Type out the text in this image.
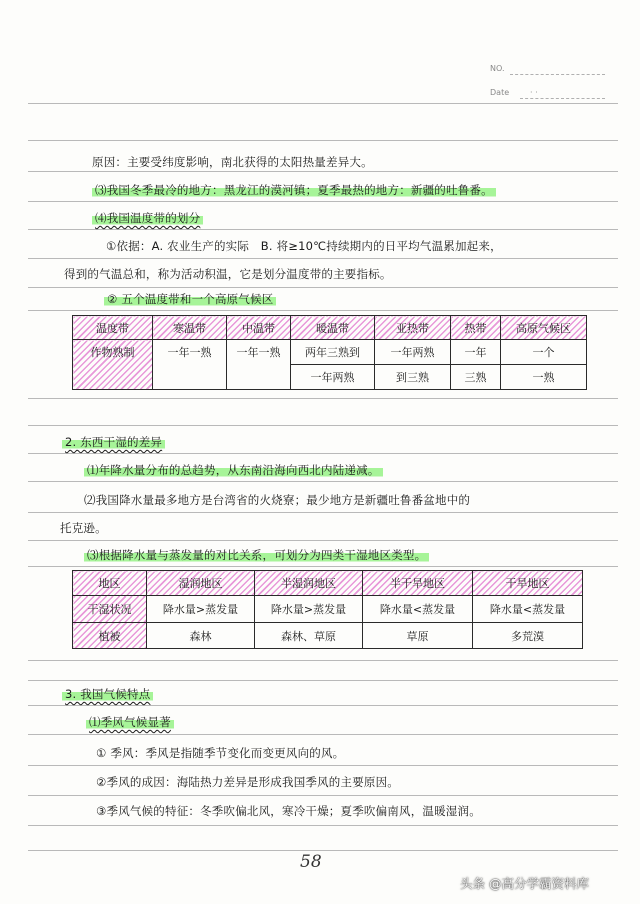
NO.
Date	· ·
原因：主要受纬度影响，南北获得的太阳热量差异大。
⑶我国冬季最冷的地方：黑龙江的漠河镇；夏季最热的地方：新疆的吐鲁番。
⑷我国温度带的划分
①依据：A. 农业生产的实际　B. 将≥10℃持续期内的日平均气温累加起来，
得到的气温总和，称为活动积温，它是划分温度带的主要指标。
② 五个温度带和一个高原气候区
温度带	寒温带	中温带	暖温带	亚热带	热带	高原气候区
作物熟制	一年一熟	一年一熟	两年三熟到	一年两熟	一年	一个
			一年两熟	到三熟	三熟	一熟
2. 东西干湿的差异
⑴年降水量分布的总趋势，从东南沿海向西北内陆递减。
⑵我国降水量最多地方是台湾省的火烧寮；最少地方是新疆吐鲁番盆地中的
托克逊。
⑶根据降水量与蒸发量的对比关系，可划分为四类干湿地区类型。
地区	湿润地区	半湿润地区	半干旱地区	干旱地区
干湿状况	降水量>蒸发量	降水量>蒸发量	降水量<蒸发量	降水量<蒸发量
植被	森林	森林、草原	草原	多荒漠
3. 我国气候特点
⑴季风气候显著
① 季风：季风是指随季节变化而变更风向的风。
②季风的成因：海陆热力差异是形成我国季风的主要原因。
③季风气候的特征：冬季吹偏北风，寒冷干燥；夏季吹偏南风，温暖湿润。
58
头条 @高分学霸资料库
